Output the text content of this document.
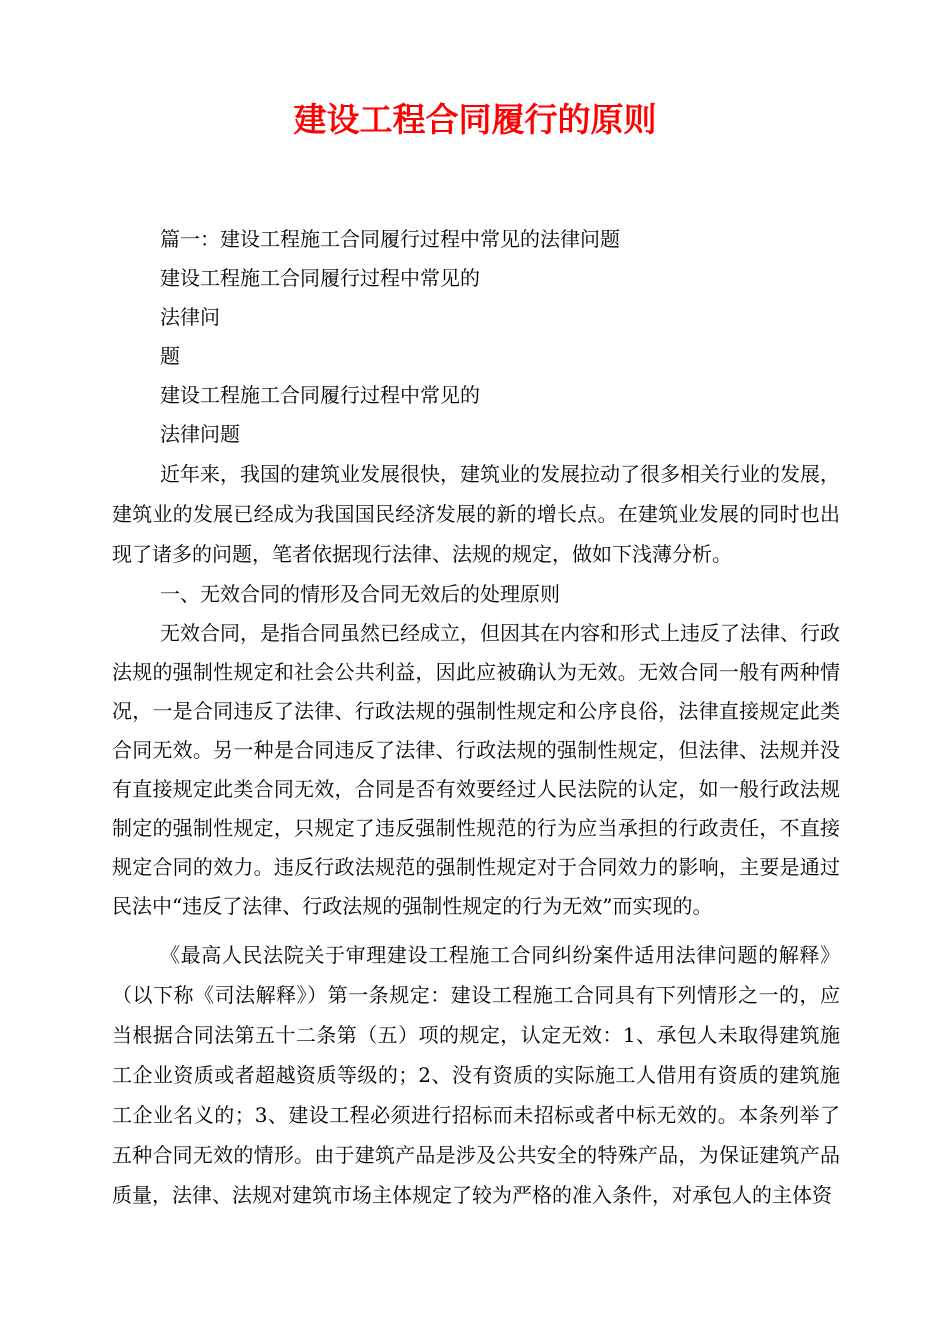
建设工程合同履行的原则

篇一：建设工程施工合同履行过程中常见的法律问题

建设工程施工合同履行过程中常见的

法律问

题

建设工程施工合同履行过程中常见的

法律问题

近年来，我国的建筑业发展很快，建筑业的发展拉动了很多相关行业的发展，建筑业的发展已经成为我国国民经济发展的新的增长点。在建筑业发展的同时也出现了诸多的问题，笔者依据现行法律、法规的规定，做如下浅薄分析。

一、无效合同的情形及合同无效后的处理原则

无效合同，是指合同虽然已经成立，但因其在内容和形式上违反了法律、行政法规的强制性规定和社会公共利益，因此应被确认为无效。无效合同一般有两种情况，一是合同违反了法律、行政法规的强制性规定和公序良俗，法律直接规定此类合同无效。另一种是合同违反了法律、行政法规的强制性规定，但法律、法规并没有直接规定此类合同无效，合同是否有效要经过人民法院的认定，如一般行政法规制定的强制性规定，只规定了违反强制性规范的行为应当承担的行政责任，不直接规定合同的效力。违反行政法规范的强制性规定对于合同效力的影响，主要是通过民法中“违反了法律、行政法规的强制性规定的行为无效”而实现的。

《最高人民法院关于审理建设工程施工合同纠纷案件适用法律问题的解释》（以下称《司法解释》）第一条规定：建设工程施工合同具有下列情形之一的，应当根据合同法第五十二条第（五）项的规定，认定无效：1、承包人未取得建筑施工企业资质或者超越资质等级的；2、没有资质的实际施工人借用有资质的建筑施工企业名义的；3、建设工程必须进行招标而未招标或者中标无效的。本条列举了五种合同无效的情形。由于建筑产品是涉及公共安全的特殊产品，为保证建筑产品质量，法律、法规对建筑市场主体规定了较为严格的准入条件，对承包人的主体资
